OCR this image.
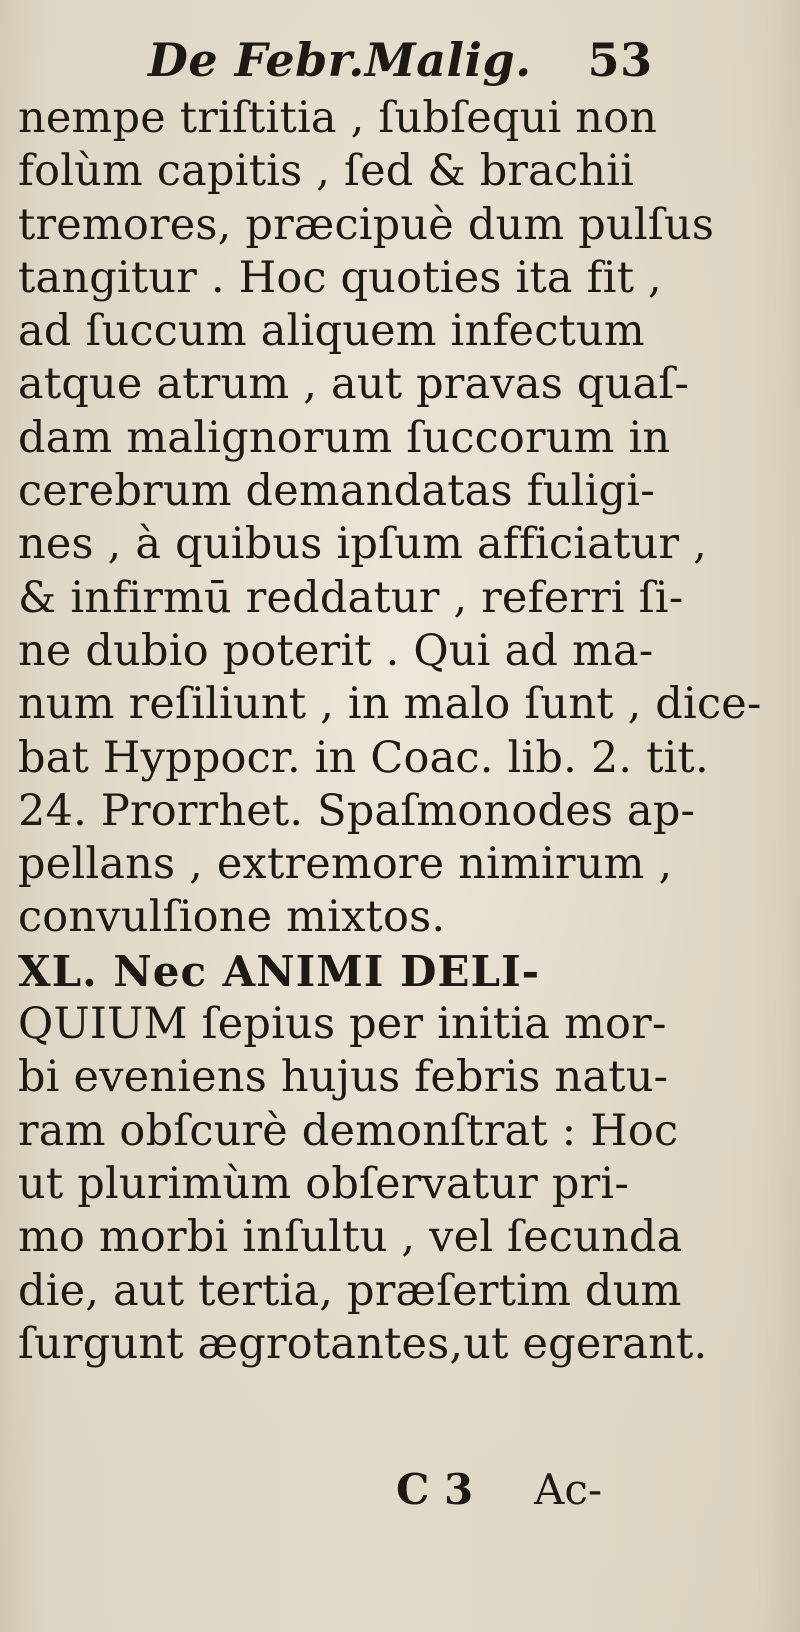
De Febr.Malig. 53
nempe triſtitia , ſubſequi non
folùm capitis , ſed & brachii
tremores, præcipuè dum pulſus
tangitur . Hoc quoties ita fit ,
ad ſuccum aliquem infectum
atque atrum , aut pravas quaſ-
dam malignorum ſuccorum in
cerebrum demandatas fuligi-
nes , à quibus ipſum afficiatur ,
& infirmū reddatur , referri ſi-
ne dubio poterit . Qui ad ma-
num reſiliunt , in malo ſunt , dice-
bat Hyppocr. in Coac. lib. 2. tit.
24. Prorrhet. Spaſmonodes ap-
pellans , extremore nimirum ,
convulſione mixtos.
XL. Nec ANIMI DELI-
QUIUM ſepius per initia mor-
bi eveniens hujus febris natu-
ram obſcurè demonſtrat : Hoc
ut plurimùm obſervatur pri-
mo morbi inſultu , vel ſecunda
die, aut tertia, præſertim dum
ſurgunt ægrotantes,ut egerant.
C 3 Ac-
